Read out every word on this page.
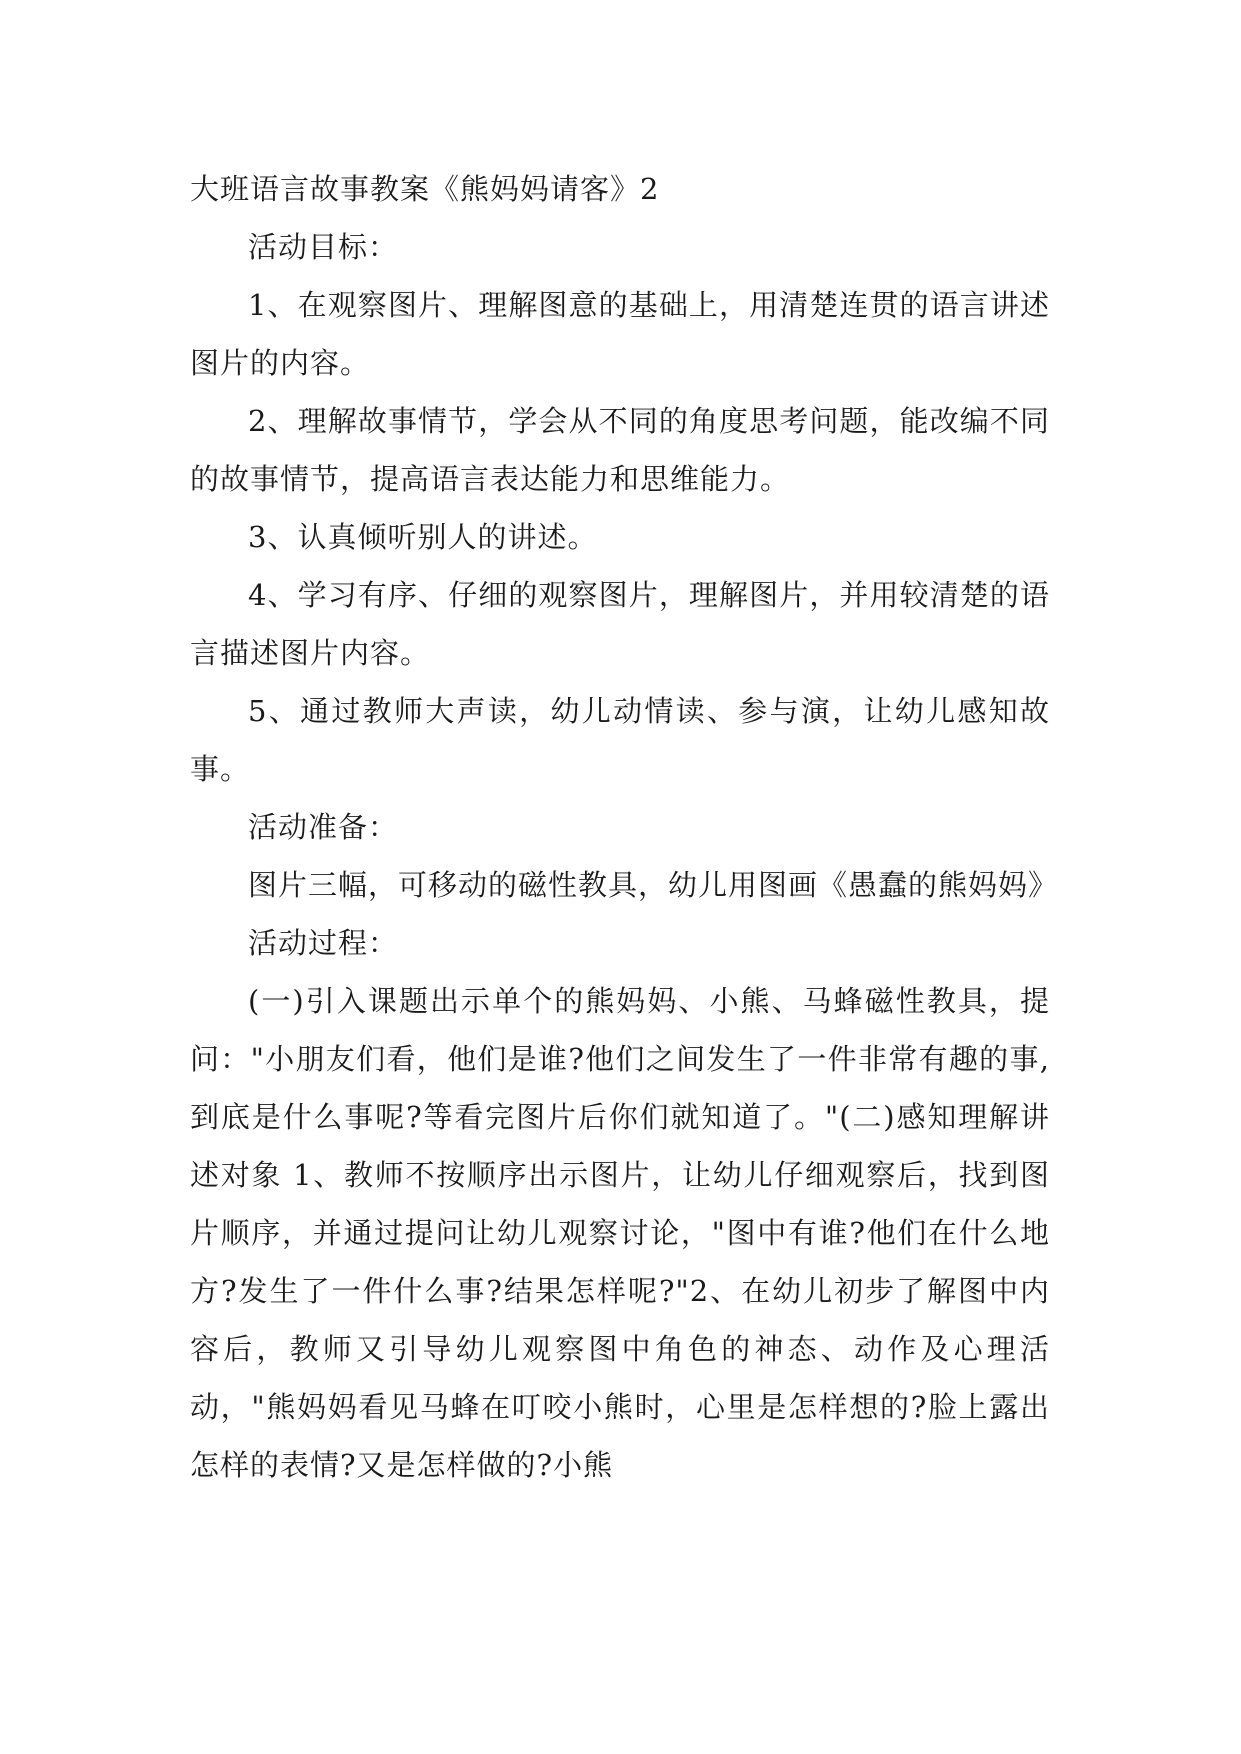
大班语言故事教案《熊妈妈请客》2

活动目标：

1、在观察图片、理解图意的基础上，用清楚连贯的语言讲述图片的内容。

2、理解故事情节，学会从不同的角度思考问题，能改编不同的故事情节，提高语言表达能力和思维能力。

3、认真倾听别人的讲述。

4、学习有序、仔细的观察图片，理解图片，并用较清楚的语言描述图片内容。

5、通过教师大声读，幼儿动情读、参与演，让幼儿感知故事。

活动准备：

图片三幅，可移动的磁性教具，幼儿用图画《愚蠢的熊妈妈》

活动过程：

(一)引入课题出示单个的熊妈妈、小熊、马蜂磁性教具，提问："小朋友们看，他们是谁?他们之间发生了一件非常有趣的事,到底是什么事呢?等看完图片后你们就知道了。"(二)感知理解讲述对象 1、教师不按顺序出示图片，让幼儿仔细观察后，找到图片顺序，并通过提问让幼儿观察讨论，"图中有谁?他们在什么地方?发生了一件什么事?结果怎样呢?"2、在幼儿初步了解图中内容后，教师又引导幼儿观察图中角色的神态、动作及心理活动，"熊妈妈看见马蜂在叮咬小熊时，心里是怎样想的?脸上露出怎样的表情?又是怎样做的?小熊
